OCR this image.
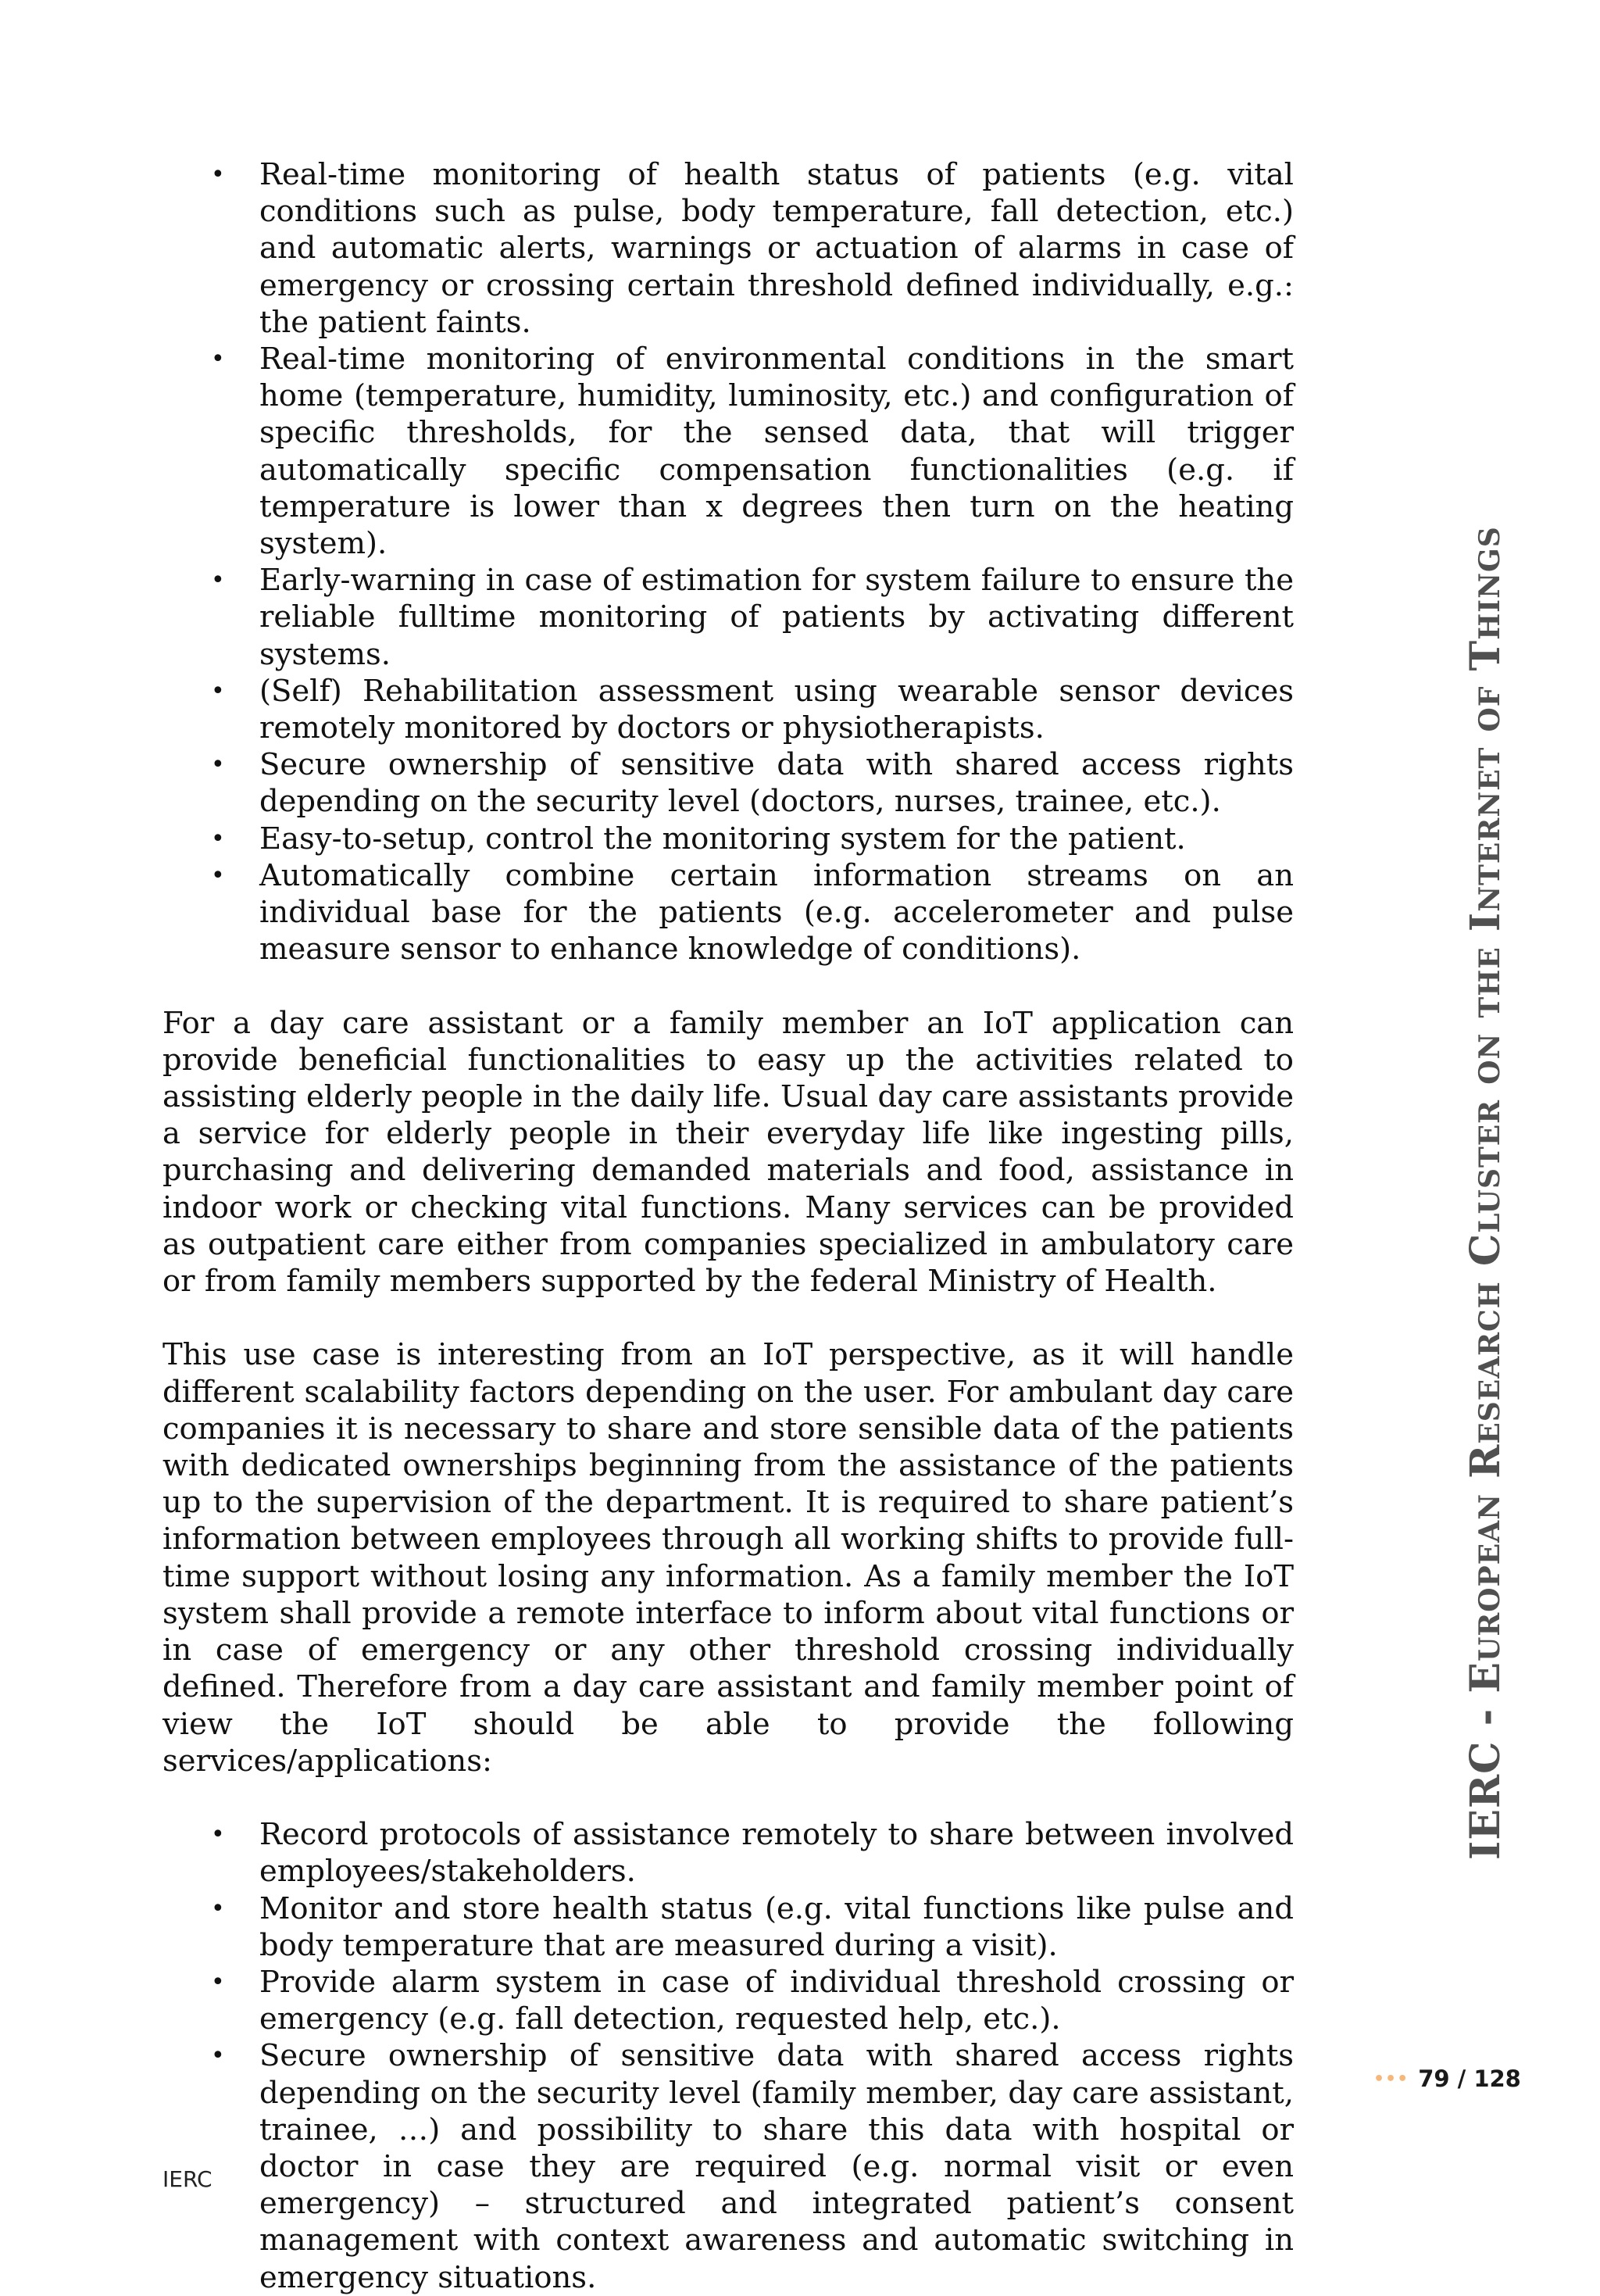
• Real-time monitoring of health status of patients (e.g. vital conditions such as pulse, body temperature, fall detection, etc.) and automatic alerts, warnings or actuation of alarms in case of emergency or crossing certain threshold defined individually, e.g.: the patient faints.
• Real-time monitoring of environmental conditions in the smart home (temperature, humidity, luminosity, etc.) and configuration of specific thresholds, for the sensed data, that will trigger automatically specific compensation functionalities (e.g. if temperature is lower than x degrees then turn on the heating system).
• Early-warning in case of estimation for system failure to ensure the reliable fulltime monitoring of patients by activating different systems.
• (Self) Rehabilitation assessment using wearable sensor devices remotely monitored by doctors or physiotherapists.
• Secure ownership of sensitive data with shared access rights depending on the security level (doctors, nurses, trainee, etc.).
• Easy-to-setup, control the monitoring system for the patient.
• Automatically combine certain information streams on an individual base for the patients (e.g. accelerometer and pulse measure sensor to enhance knowledge of conditions).

For a day care assistant or a family member an IoT application can provide beneficial functionalities to easy up the activities related to assisting elderly people in the daily life. Usual day care assistants provide a service for elderly people in their everyday life like ingesting pills, purchasing and delivering demanded materials and food, assistance in indoor work or checking vital functions. Many services can be provided as outpatient care either from companies specialized in ambulatory care or from family members supported by the federal Ministry of Health.

This use case is interesting from an IoT perspective, as it will handle different scalability factors depending on the user. For ambulant day care companies it is necessary to share and store sensible data of the patients with dedicated ownerships beginning from the assistance of the patients up to the supervision of the department. It is required to share patient’s information between employees through all working shifts to provide full-time support without losing any information. As a family member the IoT system shall provide a remote interface to inform about vital functions or in case of emergency or any other threshold crossing individually defined. Therefore from a day care assistant and family member point of view the IoT should be able to provide the following services/applications:

• Record protocols of assistance remotely to share between involved employees/stakeholders.
• Monitor and store health status (e.g. vital functions like pulse and body temperature that are measured during a visit).
• Provide alarm system in case of individual threshold crossing or emergency (e.g. fall detection, requested help, etc.).
• Secure ownership of sensitive data with shared access rights depending on the security level (family member, day care assistant, trainee, …) and possibility to share this data with hospital or doctor in case they are required (e.g. normal visit or even emergency) – structured and integrated patient’s consent management with context awareness and automatic switching in emergency situations.
IERC - European Research Cluster on the Internet of Things
••• 79 / 128
IERC
